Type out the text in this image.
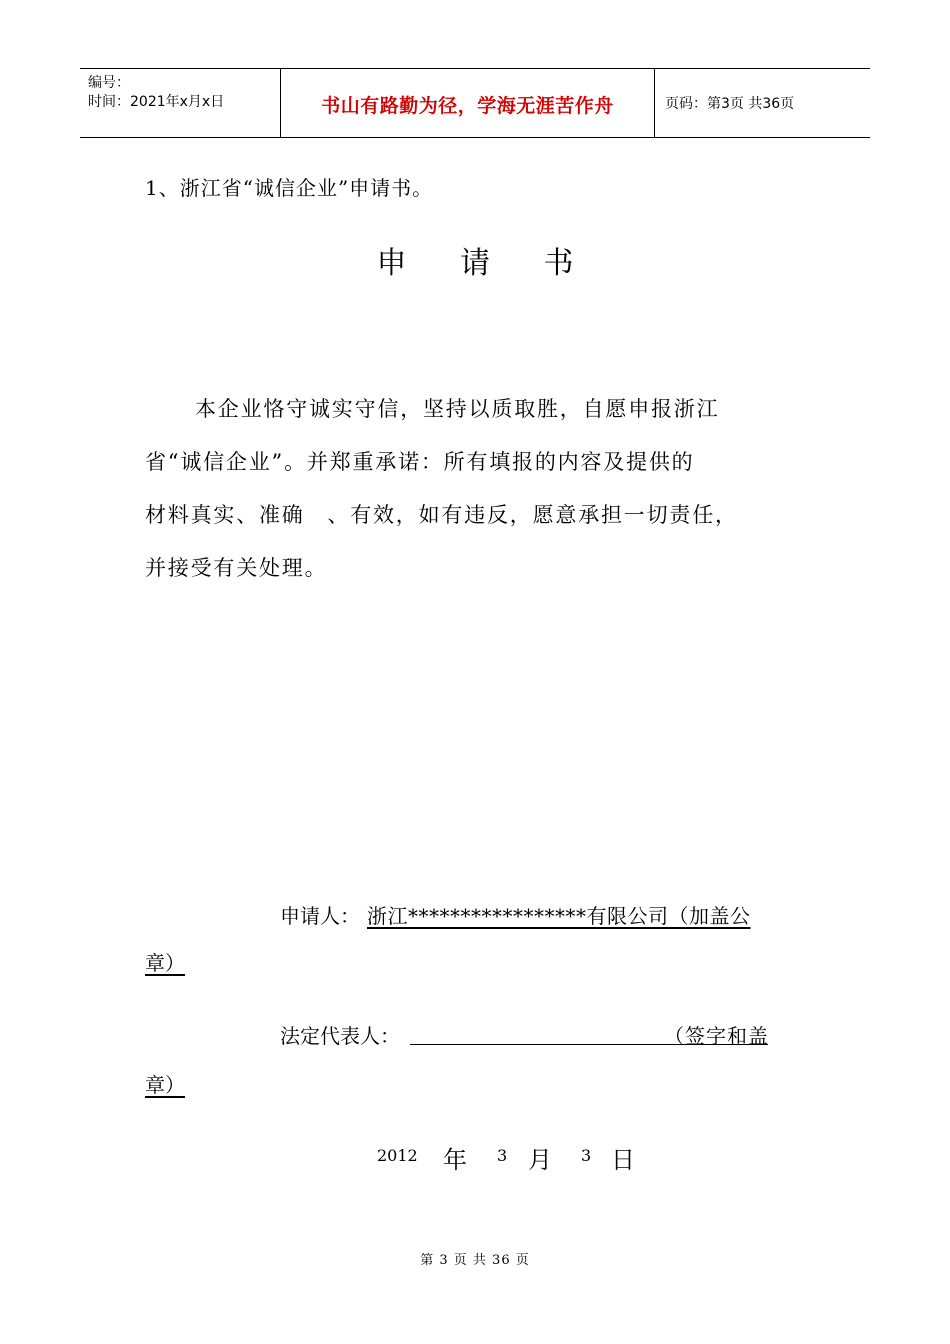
编号：
时间：2021年x月x日	书山有路勤为径，学海无涯苦作舟	页码：第3页 共36页
1、浙江省“诚信企业”申请书。
申 请 书
本企业恪守诚实守信，坚持以质取胜，自愿申报浙江
省“诚信企业”。并郑重承诺：所有填报的内容及提供的
材料真实、准确　、有效，如有违反，愿意承担一切责任，
并接受有关处理。
申请人： 浙江*****************有限公司（加盖公
章）
法定代表人：	（签字和盖
章）
2012 年 3 月 3 日
第 3 页 共 36 页
